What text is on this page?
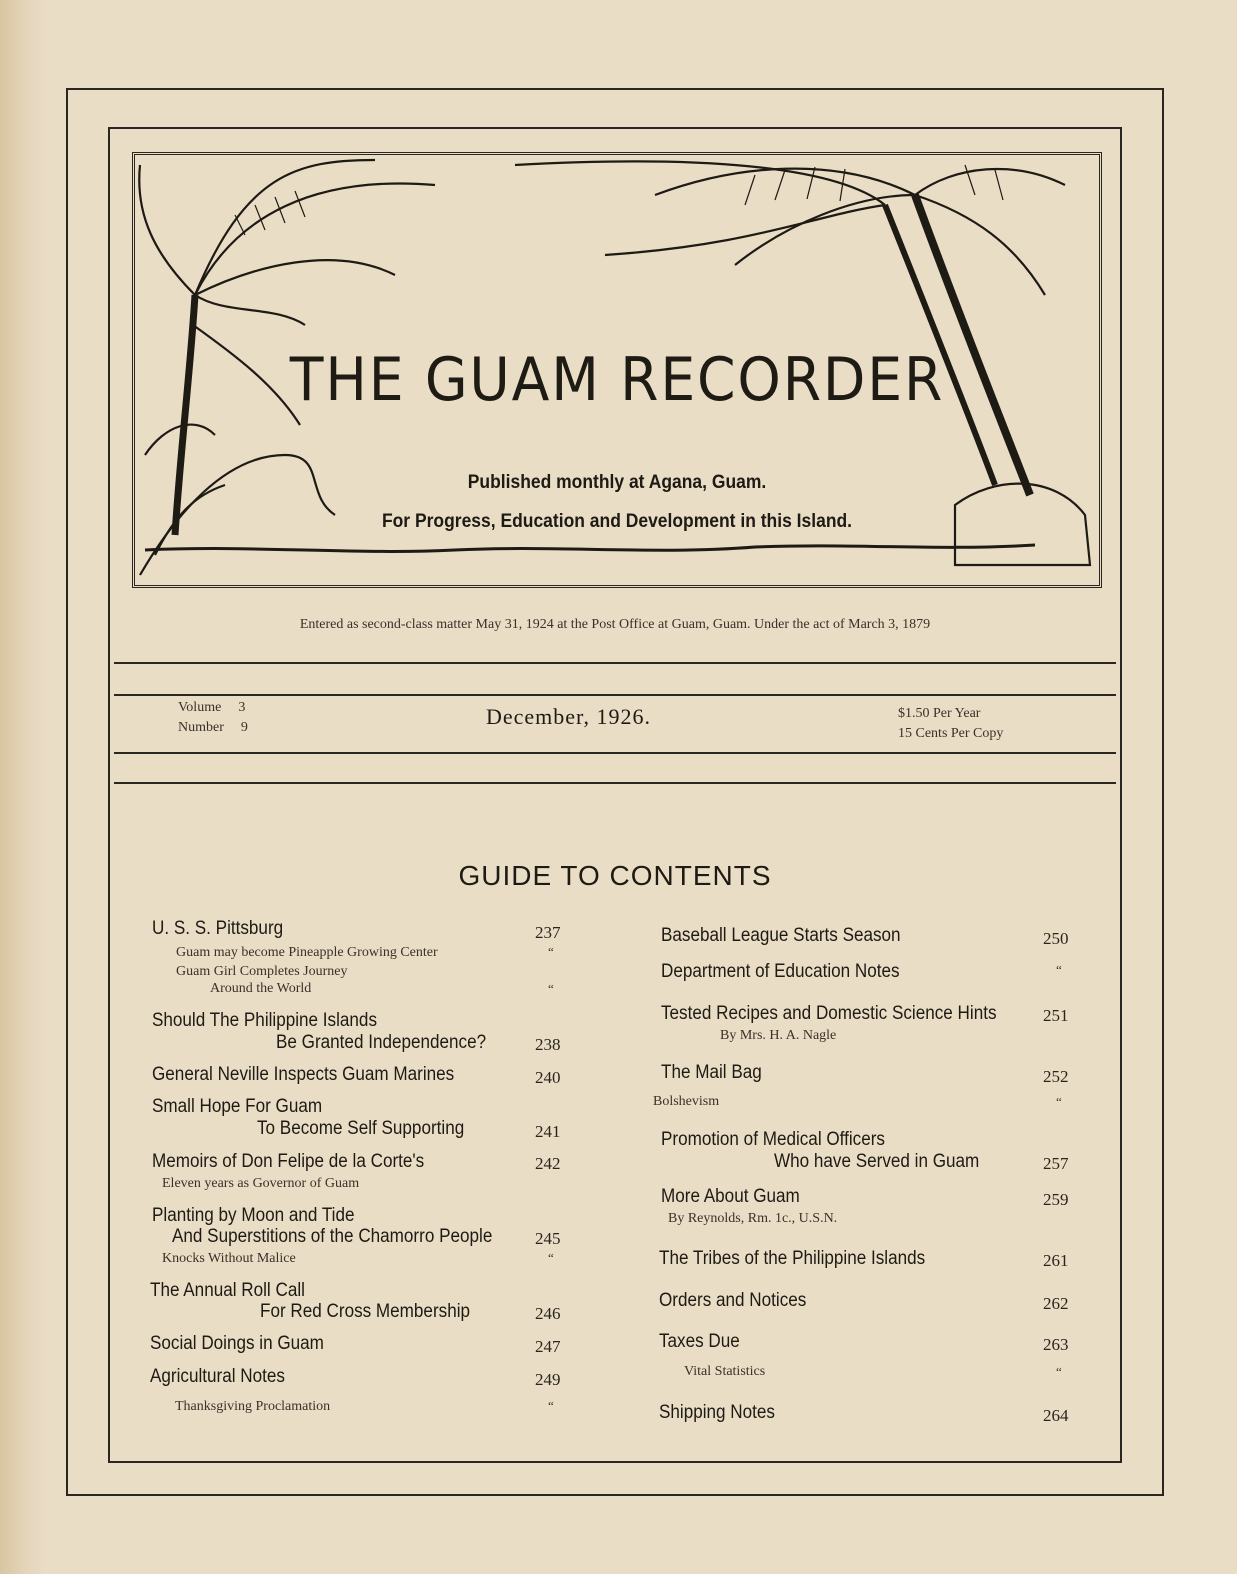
THE GUAM RECORDER
Published monthly at Agana, Guam.
For Progress, Education and Development in this Island.
Entered as second-class matter May 31, 1924 at the Post Office at Guam, Guam. Under the act of March 3, 1879
Volume 3
Number 9	December, 1926.	$1.50 Per Year
15 Cents Per Copy
GUIDE TO CONTENTS
U. S. S. Pittsburg	237
Guam may become Pineapple Growing Center	“
Guam Girl Completes Journey
Around the World	“
Should The Philippine Islands
Be Granted Independence?	238
General Neville Inspects Guam Marines	240
Small Hope For Guam
To Become Self Supporting	241
Memoirs of Don Felipe de la Corte's	242
Eleven years as Governor of Guam
Planting by Moon and Tide
And Superstitions of the Chamorro People	245
Knocks Without Malice	“
The Annual Roll Call
For Red Cross Membership	246
Social Doings in Guam	247
Agricultural Notes	249
Thanksgiving Proclamation	“
Baseball League Starts Season	250
Department of Education Notes	“
Tested Recipes and Domestic Science Hints	251
By Mrs. H. A. Nagle
The Mail Bag	252
Bolshevism	“
Promotion of Medical Officers
Who have Served in Guam	257
More About Guam	259
By Reynolds, Rm. 1c., U.S.N.
The Tribes of the Philippine Islands	261
Orders and Notices	262
Taxes Due	263
Vital Statistics	“
Shipping Notes	264
